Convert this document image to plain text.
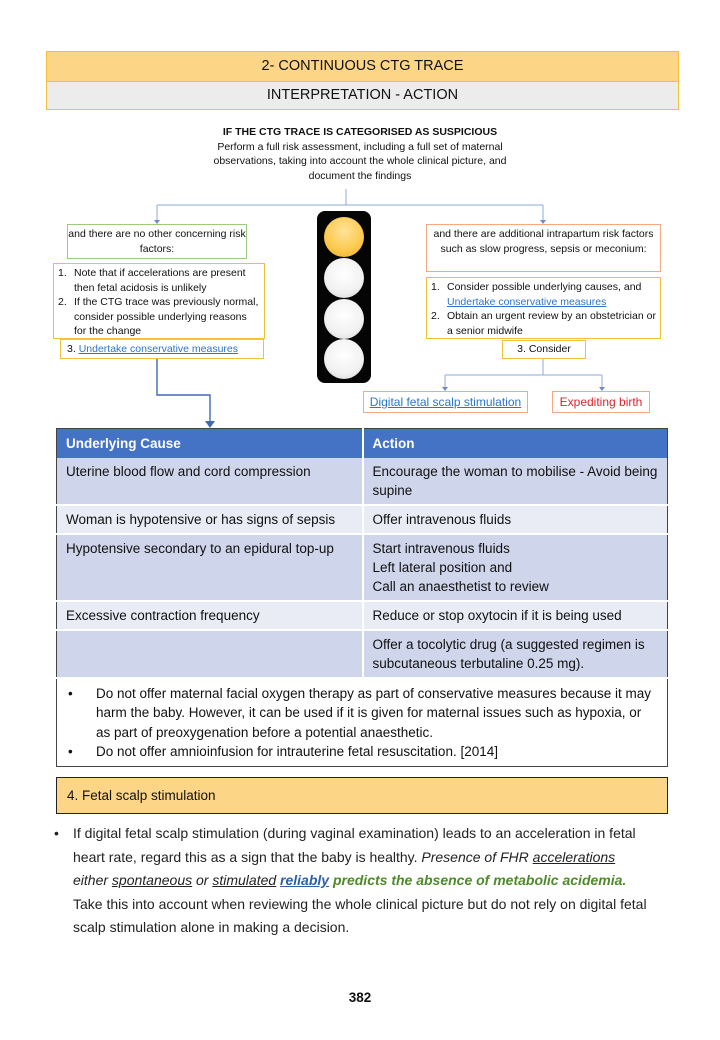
2- CONTINUOUS CTG TRACE
INTERPRETATION - ACTION
IF THE CTG TRACE IS CATEGORISED AS SUSPICIOUS
Perform a full risk assessment, including a full set of maternal observations, taking into account the whole clinical picture, and document the findings
and there are no other concerning risk factors:
1. Note that if accelerations are present then fetal acidosis is unlikely
2. If the CTG trace was previously normal, consider possible underlying reasons for the change
3. Undertake conservative measures
and there are additional intrapartum risk factors such as slow progress, sepsis or meconium:
1. Consider possible underlying causes, and
Undertake conservative measures
2. Obtain an urgent review by an obstetrician or a senior midwife
3. Consider
Digital fetal scalp stimulation	Expediting birth
Underlying Cause	Action
Uterine blood flow and cord compression	Encourage the woman to mobilise - Avoid being supine
Woman is hypotensive or has signs of sepsis	Offer intravenous fluids
Hypotensive secondary to an epidural top-up	Start intravenous fluids
Left lateral position and
Call an anaesthetist to review

Excessive contraction frequency	Reduce or stop oxytocin if it is being used
	Offer a tocolytic drug (a suggested regimen is subcutaneous terbutaline 0.25 mg).

•	Do not offer maternal facial oxygen therapy as part of conservative measures because it may harm the baby. However, it can be used if it is given for maternal issues such as hypoxia, or as part of preoxygenation before a potential anaesthetic.
•	Do not offer amnioinfusion for intrauterine fetal resuscitation. [2014]
4. Fetal scalp stimulation
•	If digital fetal scalp stimulation (during vaginal examination) leads to an acceleration in fetal heart rate, regard this as a sign that the baby is healthy. Presence of FHR accelerations either spontaneous or stimulated reliably predicts the absence of metabolic acidemia. Take this into account when reviewing the whole clinical picture but do not rely on digital fetal scalp stimulation alone in making a decision.
382
